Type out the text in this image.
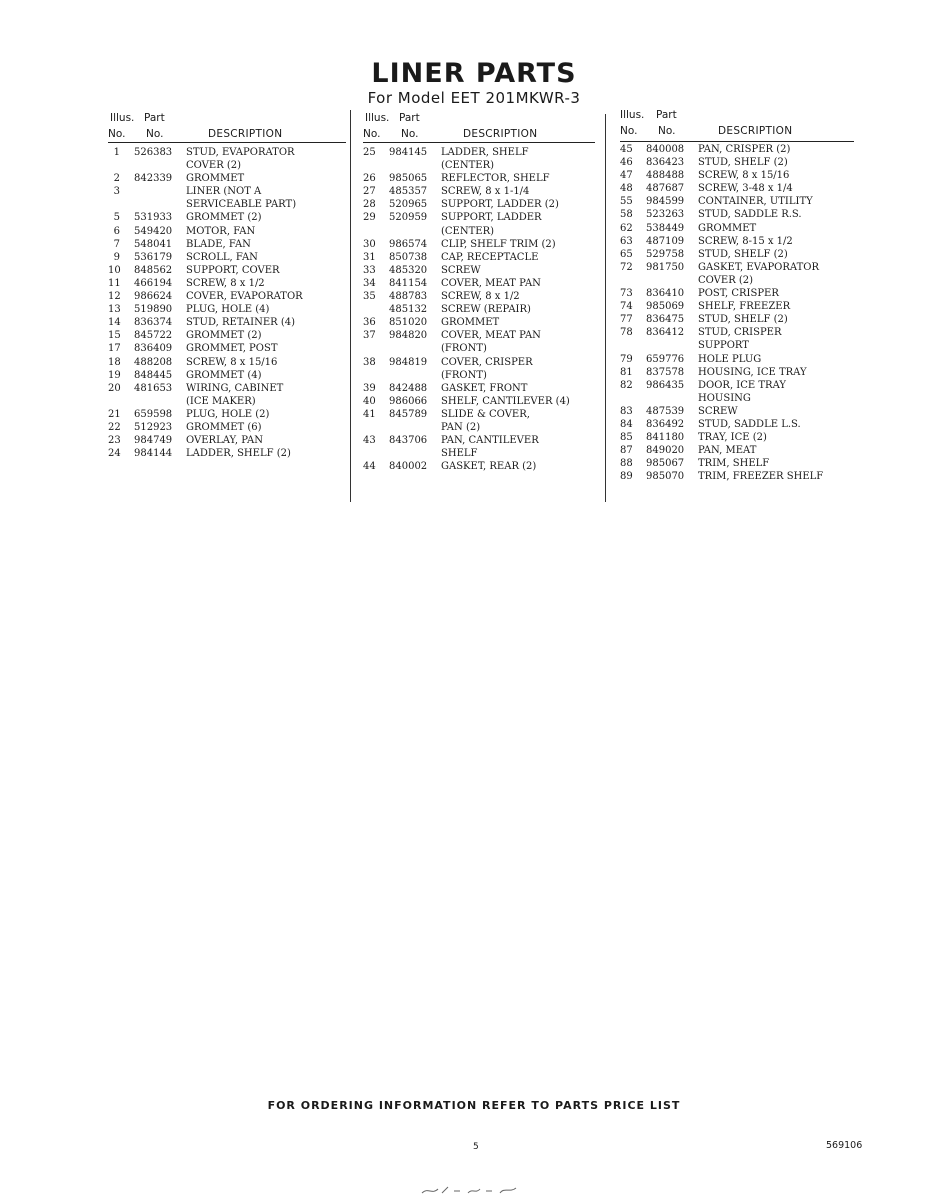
LINER PARTS
For Model EET 201MKWR-3
Illus. Part
No. No.	DESCRIPTION
1 526383 STUD, EVAPORATOR
COVER (2)
2 842339 GROMMET
3	LINER (NOT A
SERVICEABLE PART)
5 531933 GROMMET (2)
6 549420 MOTOR, FAN
7 548041 BLADE, FAN
9 536179 SCROLL, FAN
10 848562 SUPPORT, COVER
11 466194 SCREW, 8 x 1/2
12 986624 COVER, EVAPORATOR
13 519890 PLUG, HOLE (4)
14 836374 STUD, RETAINER (4)
15 845722 GROMMET (2)
17 836409 GROMMET, POST
18 488208 SCREW, 8 x 15/16
19 848445 GROMMET (4)
20 481653 WIRING, CABINET
(ICE MAKER)
21 659598 PLUG, HOLE (2)
22 512923 GROMMET (6)
23 984749 OVERLAY, PAN
24 984144 LADDER, SHELF (2)
Illus. Part
No. No.	DESCRIPTION
25 984145 LADDER, SHELF
(CENTER)
26 985065 REFLECTOR, SHELF
27 485357 SCREW, 8 x 1-1/4
28 520965 SUPPORT, LADDER (2)
29 520959 SUPPORT, LADDER
(CENTER)
30 986574 CLIP, SHELF TRIM (2)
31 850738 CAP, RECEPTACLE
33 485320 SCREW
34 841154 COVER, MEAT PAN
35 488783 SCREW, 8 x 1/2
485132 SCREW (REPAIR)
36 851020 GROMMET
37 984820 COVER, MEAT PAN
(FRONT)
38 984819 COVER, CRISPER
(FRONT)
39 842488 GASKET, FRONT
40 986066 SHELF, CANTILEVER (4)
41 845789 SLIDE & COVER,
PAN (2)
43 843706 PAN, CANTILEVER
SHELF
44 840002 GASKET, REAR (2)
Illus. Part
No. No.	DESCRIPTION
45 840008 PAN, CRISPER (2)
46 836423 STUD, SHELF (2)
47 488488 SCREW, 8 x 15/16
48 487687 SCREW, 3-48 x 1/4
55 984599 CONTAINER, UTILITY
58 523263 STUD, SADDLE R.S.
62 538449 GROMMET
63 487109 SCREW, 8-15 x 1/2
65 529758 STUD, SHELF (2)
72 981750 GASKET, EVAPORATOR
COVER (2)
73 836410 POST, CRISPER
74 985069 SHELF, FREEZER
77 836475 STUD, SHELF (2)
78 836412 STUD, CRISPER
SUPPORT
79 659776 HOLE PLUG
81 837578 HOUSING, ICE TRAY
82 986435 DOOR, ICE TRAY
HOUSING
83 487539 SCREW
84 836492 STUD, SADDLE L.S.
85 841180 TRAY, ICE (2)
87 849020 PAN, MEAT
88 985067 TRIM, SHELF
89 985070 TRIM, FREEZER SHELF
FOR ORDERING INFORMATION REFER TO PARTS PRICE LIST
5	569106
